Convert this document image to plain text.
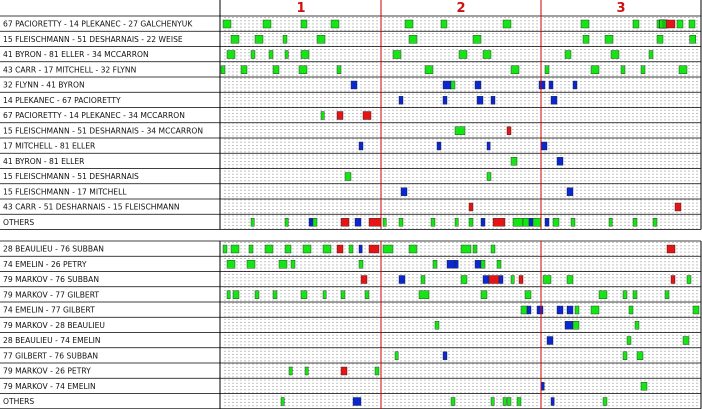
1	2	3
67 PACIORETTY - 14 PLEKANEC - 27 GALCHENYUK
15 FLEISCHMANN - 51 DESHARNAIS - 22 WEISE
41 BYRON - 81 ELLER - 34 MCCARRON
43 CARR - 17 MITCHELL - 32 FLYNN
32 FLYNN - 41 BYRON
14 PLEKANEC - 67 PACIORETTY
67 PACIORETTY - 14 PLEKANEC - 34 MCCARRON
15 FLEISCHMANN - 51 DESHARNAIS - 34 MCCARRON
17 MITCHELL - 81 ELLER
41 BYRON - 81 ELLER
15 FLEISCHMANN - 51 DESHARNAIS
15 FLEISCHMANN - 17 MITCHELL
43 CARR - 51 DESHARNAIS - 15 FLEISCHMANN
OTHERS
28 BEAULIEU - 76 SUBBAN
74 EMELIN - 26 PETRY
79 MARKOV - 76 SUBBAN
79 MARKOV - 77 GILBERT
74 EMELIN - 77 GILBERT
79 MARKOV - 28 BEAULIEU
28 BEAULIEU - 74 EMELIN
77 GILBERT - 76 SUBBAN
79 MARKOV - 26 PETRY
79 MARKOV - 74 EMELIN
OTHERS
